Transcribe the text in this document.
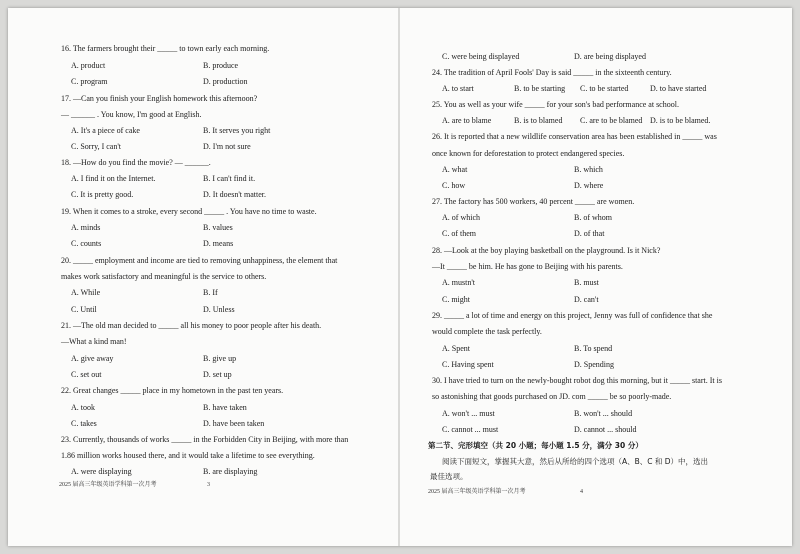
16. The farmers brought their _____ to town early each morning.
A. product	B. produce
C. program	D. production
17. —Can you finish your English homework this afternoon?
— ______ . You know, I'm good at English.
A. It's a piece of cake	B. It serves you right
C. Sorry, I can't	D. I'm not sure
18. —How do you find the movie? — ______.
A. I find it on the Internet.	B. I can't find it.
C. It is pretty good.	D. It doesn't matter.
19. When it comes to a stroke, every second _____ . You have no time to waste.
A. minds	B. values
C. counts	D. means
20. _____ employment and income are tied to removing unhappiness, the element that
makes work satisfactory and meaningful is the service to others.
A. While	B. If
C. Until	D. Unless
21. —The old man decided to _____ all his money to poor people after his death.
—What a kind man!
A. give away	B. give up
C. set out	D. set up
22. Great changes _____ place in my hometown in the past ten years.
A. took	B. have taken
C. takes	D. have been taken
23. Currently, thousands of works _____ in the Forbidden City in Beijing, with more than
1.86 million works housed there, and it would take a lifetime to see everything.
A. were displaying	B. are displaying
2025 届高三年级英语学科第一次月考	3
C. were being displayed	D. are being displayed
24. The tradition of April Fools' Day is said _____ in the sixteenth century.
A. to start	B. to be starting C. to be started	D. to have started
25. You as well as your wife _____ for your son's bad performance at school.
A. are to blame	B. is to blamed C. are to be blamed D. is to be blamed.
26. It is reported that a new wildlife conservation area has been established in _____ was
once known for deforestation to protect endangered species.
A. what	B. which
C. how	D. where
27. The factory has 500 workers, 40 percent _____ are women.
A. of which	B. of whom
C. of them	D. of that
28. —Look at the boy playing basketball on the playground. Is it Nick?
—It _____ be him. He has gone to Beijing with his parents.
A. mustn't	B. must
C. might	D. can't
29. _____ a lot of time and energy on this project, Jenny was full of confidence that she
would complete the task perfectly.
A. Spent	B. To spend
C. Having spent	D. Spending
30. I have tried to turn on the newly-bought robot dog this morning, but it _____ start. It is
so astonishing that goods purchased on JD. com _____ be so poorly-made.
A. won't ... must	B. won't ... should
C. cannot ... must	D. cannot ... should
第二节、完形填空（共 20 小题；每小题 1.5 分，满分 30 分）
阅读下面短文，掌握其大意，然后从所给的四个选项（A、B、C 和 D）中，选出
最佳选项。
2025 届高三年级英语学科第一次月考	4
